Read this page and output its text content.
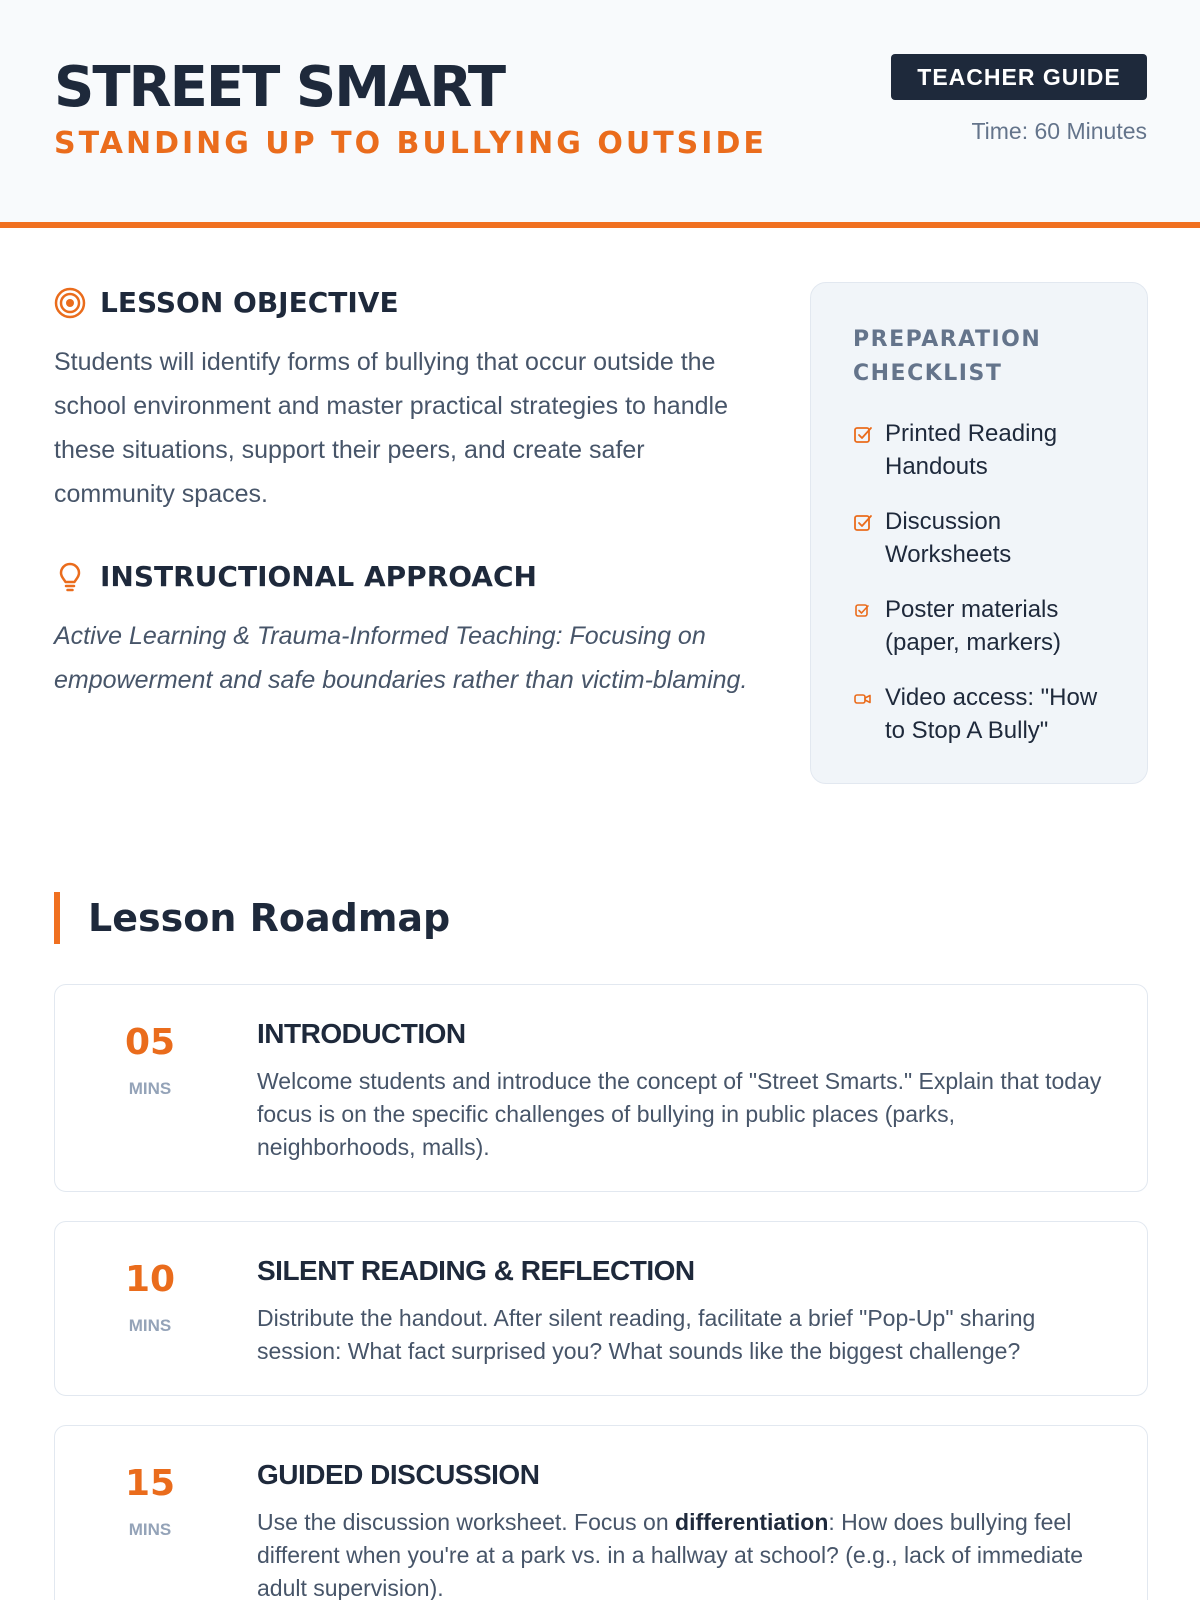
STREET SMART
STANDING UP TO BULLYING OUTSIDE
TEACHER GUIDE
Time: 60 Minutes
LESSON OBJECTIVE

Students will identify forms of bullying that occur outside the school environment and master practical strategies to handle these situations, support their peers, and create safer community spaces.

INSTRUCTIONAL APPROACH

Active Learning & Trauma-Informed Teaching: Focusing on empowerment and safe boundaries rather than victim-blaming.

PREPARATION CHECKLIST
Printed Reading Handouts
Discussion Worksheets
Poster materials (paper, markers)
Video access: "How to Stop A Bully"
Lesson Roadmap
05
MINS
INTRODUCTION

Welcome students and introduce the concept of "Street Smarts." Explain that today focus is on the specific challenges of bullying in public places (parks, neighborhoods, malls).

10
MINS
SILENT READING & REFLECTION

Distribute the handout. After silent reading, facilitate a brief "Pop-Up" sharing session: What fact surprised you? What sounds like the biggest challenge?

15
MINS
GUIDED DISCUSSION

Use the discussion worksheet. Focus on differentiation: How does bullying feel different when you're at a park vs. in a hallway at school? (e.g., lack of immediate adult supervision).
